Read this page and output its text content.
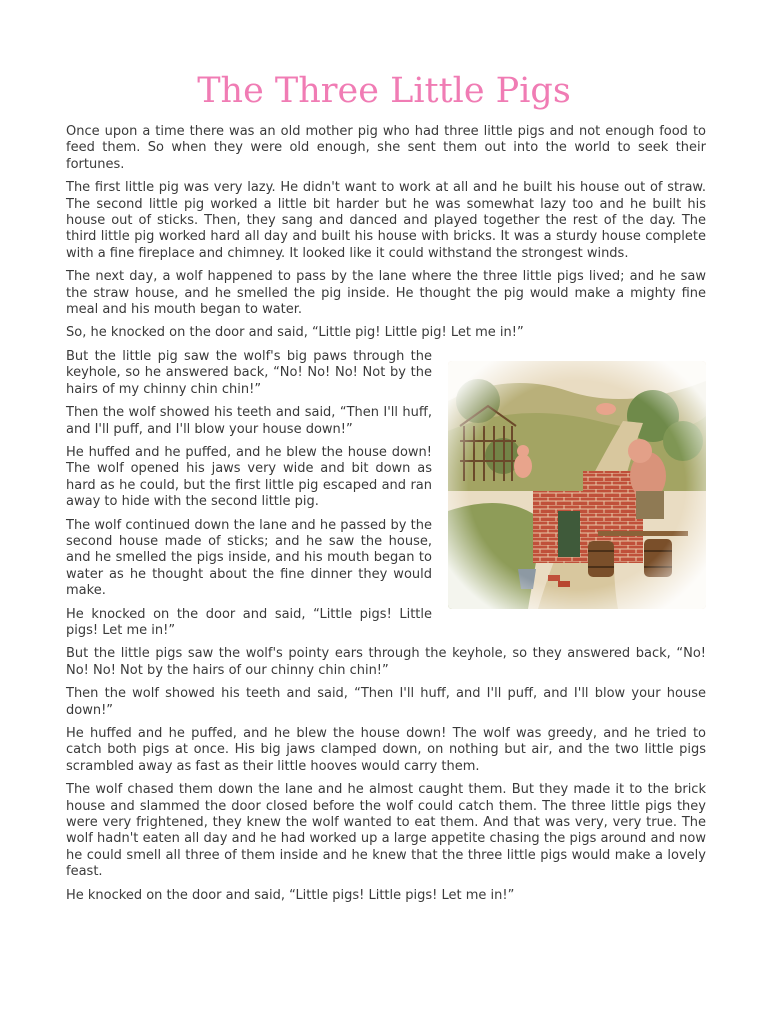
The Three Little Pigs

Once upon a time there was an old mother pig who had three little pigs and not enough food to feed them. So when they were old enough, she sent them out into the world to seek their fortunes.

The first little pig was very lazy. He didn't want to work at all and he built his house out of straw. The second little pig worked a little bit harder but he was somewhat lazy too and he built his house out of sticks. Then, they sang and danced and played together the rest of the day. The third little pig worked hard all day and built his house with bricks. It was a sturdy house complete with a fine fireplace and chimney. It looked like it could withstand the strongest winds.

The next day, a wolf happened to pass by the lane where the three little pigs lived; and he saw the straw house, and he smelled the pig inside. He thought the pig would make a mighty fine meal and his mouth began to water.

So, he knocked on the door and said, “Little pig! Little pig! Let me in!”

But the little pig saw the wolf's big paws through the keyhole, so he answered back, “No! No! No! Not by the hairs of my chinny chin chin!”

Then the wolf showed his teeth and said, “Then I'll huff, and I'll puff, and I'll blow your house down!”

He huffed and he puffed, and he blew the house down! The wolf opened his jaws very wide and bit down as hard as he could, but the first little pig escaped and ran away to hide with the second little pig.

The wolf continued down the lane and he passed by the second house made of sticks; and he saw the house, and he smelled the pigs inside, and his mouth began to water as he thought about the fine dinner they would make.

He knocked on the door and said, “Little pigs! Little pigs! Let me in!”

But the little pigs saw the wolf's pointy ears through the keyhole, so they answered back, “No! No! No! Not by the hairs of our chinny chin chin!”

Then the wolf showed his teeth and said, “Then I'll huff, and I'll puff, and I'll blow your house down!”

He huffed and he puffed, and he blew the house down! The wolf was greedy, and he tried to catch both pigs at once. His big jaws clamped down, on nothing but air, and the two little pigs scrambled away as fast as their little hooves would carry them.

The wolf chased them down the lane and he almost caught them. But they made it to the brick house and slammed the door closed before the wolf could catch them. The three little pigs they were very frightened, they knew the wolf wanted to eat them. And that was very, very true. The wolf hadn't eaten all day and he had worked up a large appetite chasing the pigs around and now he could smell all three of them inside and he knew that the three little pigs would make a lovely feast.

He knocked on the door and said, “Little pigs! Little pigs! Let me in!”
